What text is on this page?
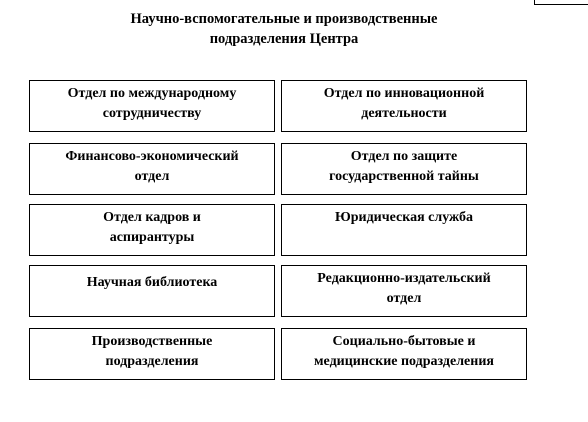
Научно-вспомогательные и производственные
подразделения Центра
Отдел по международному
сотрудничеству
Финансово-экономический
отдел
Отдел кадров и
аспирантуры
Научная библиотека
Производственные
подразделения
Отдел по инновационной
деятельности
Отдел по защите
государственной тайны
Юридическая служба
Редакционно-издательский
отдел
Социально-бытовые и
медицинские подразделения
